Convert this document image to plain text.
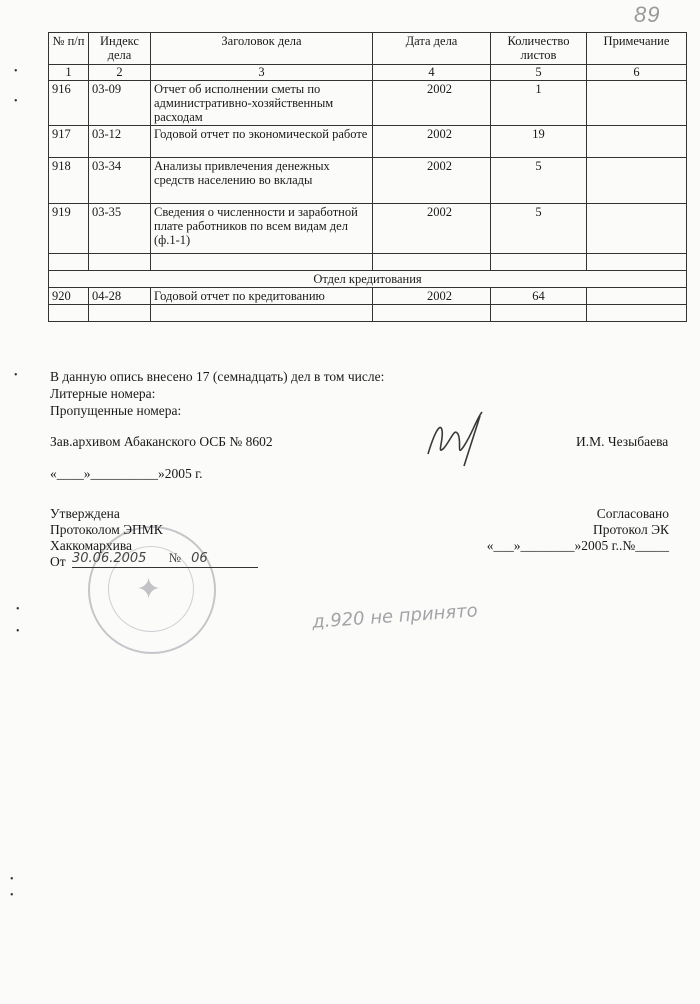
89
№ п/п	Индекс дела	Заголовок дела	Дата дела	Количество листов	Примечание
1	2	3	4	5	6
916	03-09	Отчет об исполнении сметы по административно-хозяйственным расходам	2002	1	
917	03-12	Годовой отчет по экономической работе	2002	19	
918	03-34	Анализы привлечения денежных средств населению во вклады	2002	5	
919	03-35	Сведения о численности и заработной плате работников по всем видам дел (ф.1-1)	2002	5	

Отдел кредитования					
920	04-28	Годовой отчет по кредитованию	2002	64	

В данную опись внесено 17 (семнадцать) дел в том числе:
Литерные номера:
Пропущенные номера:
Зав.архивом Абаканского ОСБ № 8602	И.М. Чезыбаева
«____»__________»2005 г.
✦
Утверждена
Протоколом ЭПМК
Хаккомархива
От 30.06.2005 № 06
Согласовано
Протокол ЭК
«___»________»2005 г..№_____
д.920 не принято
•
•
•
•
•
•
•
